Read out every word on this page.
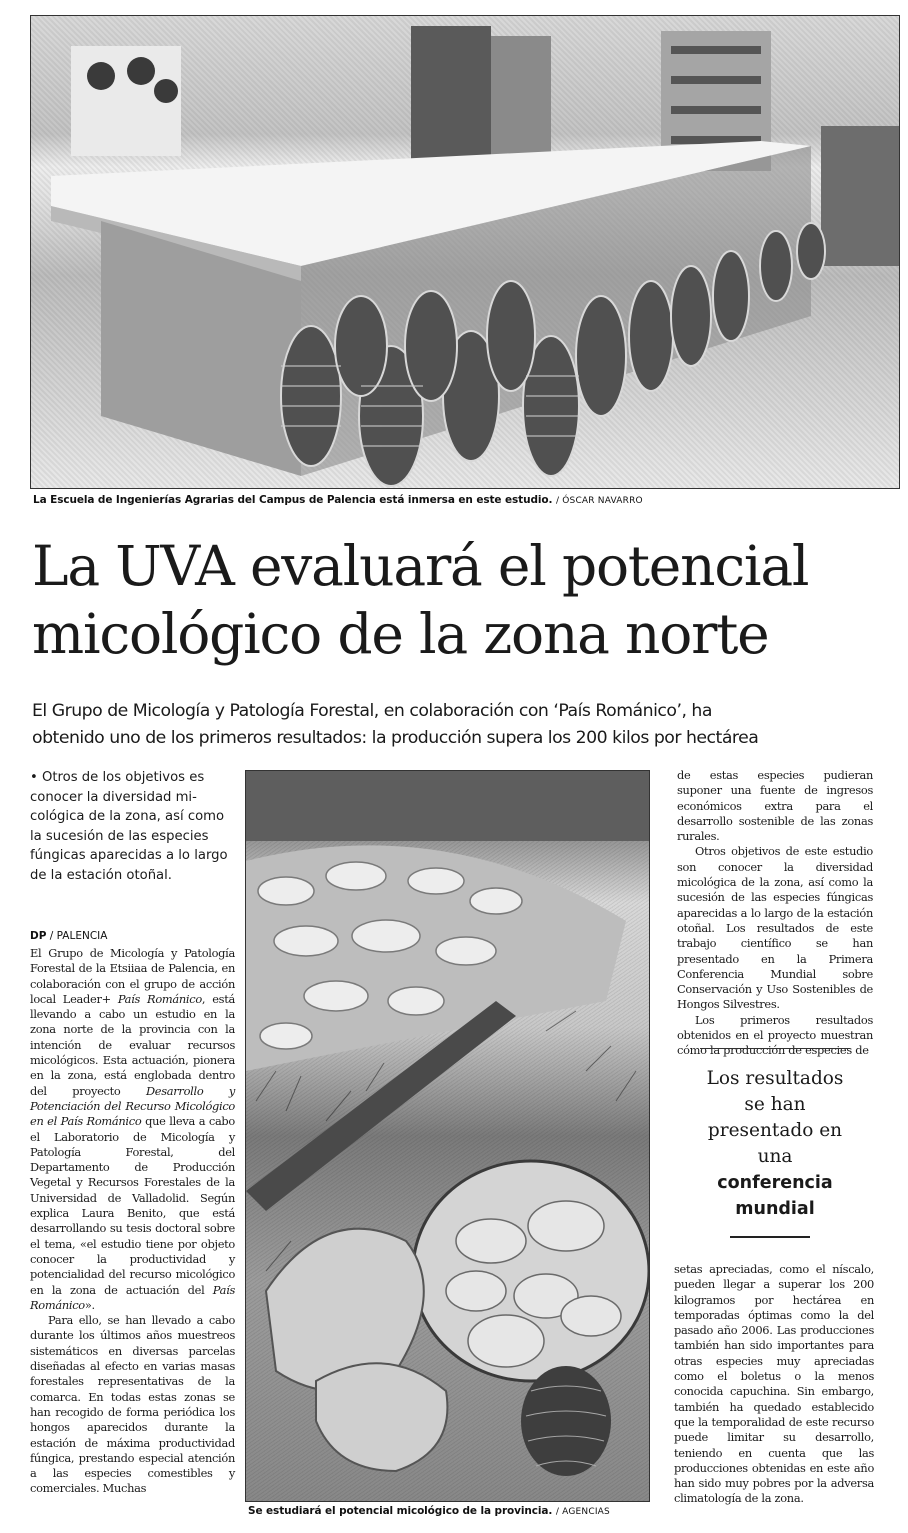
La Escuela de Ingenierías Agrarias del Campus de Palencia está inmersa en este estudio. / ÓSCAR NAVARRO
La UVA evaluará el potencial
micológico de la zona norte
El Grupo de Micología y Patología Forestal, en colaboración con ‘País Románico’, ha
obtenido uno de los primeros resultados: la producción supera los 200 kilos por hectárea
• Otros de los objetivos es conocer la diversidad micológica de la zona, así como la sucesión de las especies fúngicas aparecidas a lo largo de la estación otoñal.
DP / PALENCIA

El Grupo de Micología y Patología Forestal de la Etsiiaa de Palencia, en colaboración con el grupo de acción local Leader+ País Románico, está llevando a cabo un estudio en la zona norte de la provincia con la intención de evaluar recursos micológicos. Esta actuación, pionera en la zona, está englobada dentro del proyecto Desarrollo y Potenciación del Recurso Micológico en el País Románico que lleva a cabo el Laboratorio de Micología y Patología Forestal, del Departamento de Producción Vegetal y Recursos Forestales de la Universidad de Valladolid. Según explica Laura Benito, que está desarrollando su tesis doctoral sobre el tema, «el estudio tiene por objeto conocer la productividad y potencialidad del recurso micológico en la zona de actuación del País Románico».

Para ello, se han llevado a cabo durante los últimos años muestreos sistemáticos en diversas parcelas diseñadas al efecto en varias masas forestales representativas de la comarca. En todas estas zonas se han recogido de forma periódica los hongos aparecidos durante la estación de máxima productividad fúngica, prestando especial atención a las especies comestibles y comerciales. Muchas

Se estudiará el potencial micológico de la provincia. / AGENCIAS

de estas especies pudieran suponer una fuente de ingresos económicos extra para el desarrollo sostenible de las zonas rurales.

Otros objetivos de este estudio son conocer la diversidad micológica de la zona, así como la sucesión de las especies fúngicas aparecidas a lo largo de la estación otoñal. Los resultados de este trabajo científico se han presentado en la Primera Conferencia Mundial sobre Conservación y Uso Sostenibles de Hongos Silvestres.

Los primeros resultados obtenidos en el proyecto muestran cómo la producción de especies de

Los resultados
se han
presentado en
una
conferencia
mundial

setas apreciadas, como el níscalo, pueden llegar a superar los 200 kilogramos por hectárea en temporadas óptimas como la del pasado año 2006. Las producciones también han sido importantes para otras especies muy apreciadas como el boletus o la menos conocida capuchina. Sin embargo, también ha quedado establecido que la temporalidad de este recurso puede limitar su desarrollo, teniendo en cuenta que las producciones obtenidas en este año han sido muy pobres por la adversa climatología de la zona.
